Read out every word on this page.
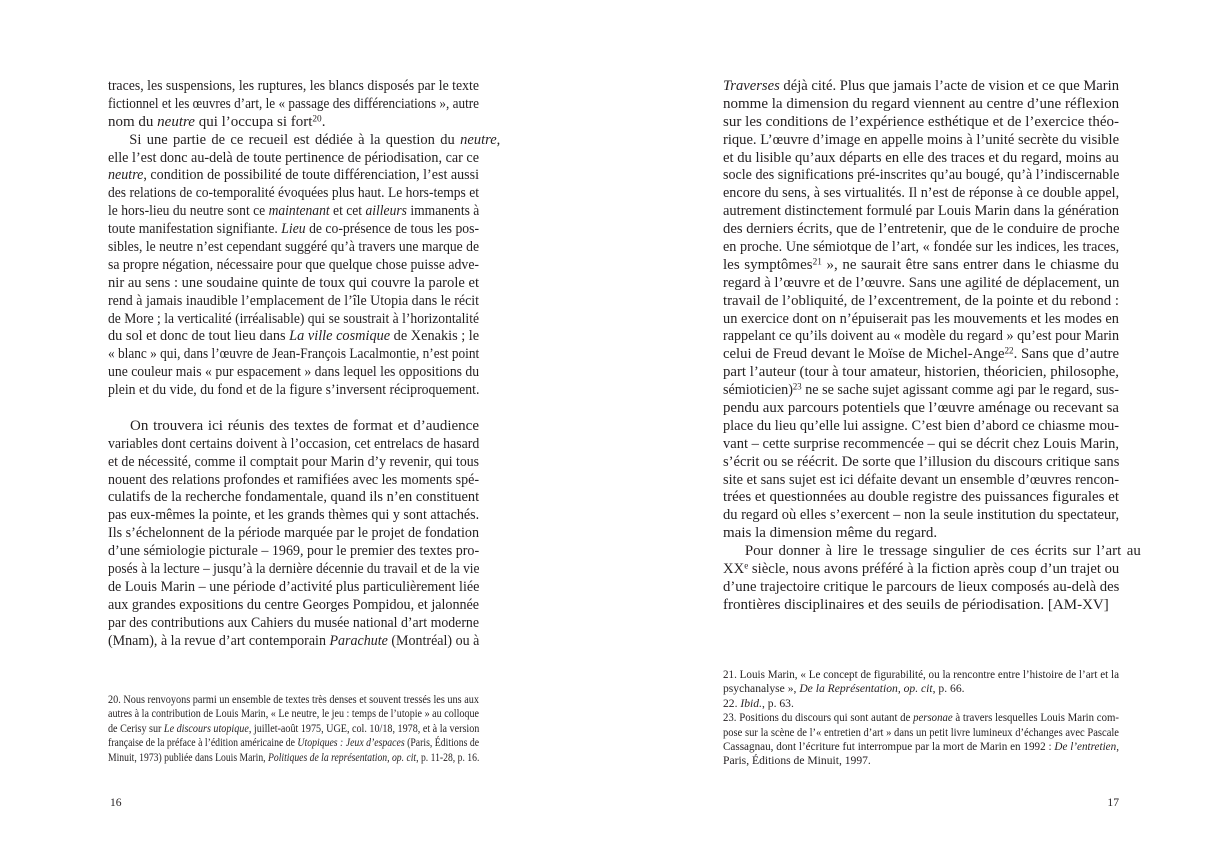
traces, les suspensions, les ruptures, les blancs disposés par le texte
fictionnel et les œuvres d’art, le « passage des différenciations », autre
nom du neutre qui l’occupa si fort$^{20}$.
Si une partie de ce recueil est dédiée à la question du neutre,
elle l’est donc au-delà de toute pertinence de périodisation, car ce
neutre, condition de possibilité de toute différenciation, l’est aussi
des relations de co-temporalité évoquées plus haut. Le hors-temps et
le hors-lieu du neutre sont ce maintenant et cet ailleurs immanents à
toute manifestation signifiante. Lieu de co-présence de tous les pos-
sibles, le neutre n’est cependant suggéré qu’à travers une marque de
sa propre négation, nécessaire pour que quelque chose puisse adve-
nir au sens : une soudaine quinte de toux qui couvre la parole et
rend à jamais inaudible l’emplacement de l’île Utopia dans le récit
de More ; la verticalité (irréalisable) qui se soustrait à l’horizontalité
du sol et donc de tout lieu dans La ville cosmique de Xenakis ; le
« blanc » qui, dans l’œuvre de Jean-François Lacalmontie, n’est point
une couleur mais « pur espacement » dans lequel les oppositions du
plein et du vide, du fond et de la figure s’inversent réciproquement.
On trouvera ici réunis des textes de format et d’audience
variables dont certains doivent à l’occasion, cet entrelacs de hasard
et de nécessité, comme il comptait pour Marin d’y revenir, qui tous
nouent des relations profondes et ramifiées avec les moments spé-
culatifs de la recherche fondamentale, quand ils n’en constituent
pas eux-mêmes la pointe, et les grands thèmes qui y sont attachés.
Ils s’échelonnent de la période marquée par le projet de fondation
d’une sémiologie picturale – 1969, pour le premier des textes pro-
posés à la lecture – jusqu’à la dernière décennie du travail et de la vie
de Louis Marin – une période d’activité plus particulièrement liée
aux grandes expositions du centre Georges Pompidou, et jalonnée
par des contributions aux Cahiers du musée national d’art moderne
(Mnam), à la revue d’art contemporain Parachute (Montréal) ou à
20. Nous renvoyons parmi un ensemble de textes très denses et souvent tressés les uns aux
autres à la contribution de Louis Marin, « Le neutre, le jeu : temps de l’utopie » au colloque
de Cerisy sur Le discours utopique, juillet-août 1975, UGE, col. 10/18, 1978, et à la version
française de la préface à l’édition américaine de Utopiques : Jeux d’espaces (Paris, Éditions de
Minuit, 1973) publiée dans Louis Marin, Politiques de la représentation, op. cit, p. 11-28, p. 16.
16
Traverses déjà cité. Plus que jamais l’acte de vision et ce que Marin
nomme la dimension du regard viennent au centre d’une réflexion
sur les conditions de l’expérience esthétique et de l’exercice théo-
rique. L’œuvre d’image en appelle moins à l’unité secrète du visible
et du lisible qu’aux départs en elle des traces et du regard, moins au
socle des significations pré-inscrites qu’au bougé, qu’à l’indiscernable
encore du sens, à ses virtualités. Il n’est de réponse à ce double appel,
autrement distinctement formulé par Louis Marin dans la génération
des derniers écrits, que de l’entretenir, que de le conduire de proche
en proche. Une sémiotque de l’art, « fondée sur les indices, les traces,
les symptômes$^{21}$ », ne saurait être sans entrer dans le chiasme du
regard à l’œuvre et de l’œuvre. Sans une agilité de déplacement, un
travail de l’obliquité, de l’excentrement, de la pointe et du rebond :
un exercice dont on n’épuiserait pas les mouvements et les modes en
rappelant ce qu’ils doivent au « modèle du regard » qu’est pour Marin
celui de Freud devant le Moïse de Michel-Ange$^{22}$. Sans que d’autre
part l’auteur (tour à tour amateur, historien, théoricien, philosophe,
sémioticien)$^{23}$ ne se sache sujet agissant comme agi par le regard, sus-
pendu aux parcours potentiels que l’œuvre aménage ou recevant sa
place du lieu qu’elle lui assigne. C’est bien d’abord ce chiasme mou-
vant – cette surprise recommencée – qui se décrit chez Louis Marin,
s’écrit ou se réécrit. De sorte que l’illusion du discours critique sans
site et sans sujet est ici défaite devant un ensemble d’œuvres rencon-
trées et questionnées au double registre des puissances figurales et
du regard où elles s’exercent – non la seule institution du spectateur,
mais la dimension même du regard.
Pour donner à lire le tressage singulier de ces écrits sur l’art au
XXe siècle, nous avons préféré à la fiction après coup d’un trajet ou
d’une trajectoire critique le parcours de lieux composés au-delà des
frontières disciplinaires et des seuils de périodisation. [AM-XV]
21. Louis Marin, « Le concept de figurabilité, ou la rencontre entre l’histoire de l’art et la
psychanalyse », De la Représentation, op. cit, p. 66.
22. Ibid., p. 63.
23. Positions du discours qui sont autant de personae à travers lesquelles Louis Marin com-
pose sur la scène de l’« entretien d’art » dans un petit livre lumineux d’échanges avec Pascale
Cassagnau, dont l’écriture fut interrompue par la mort de Marin en 1992 : De l’entretien,
Paris, Éditions de Minuit, 1997.
17
